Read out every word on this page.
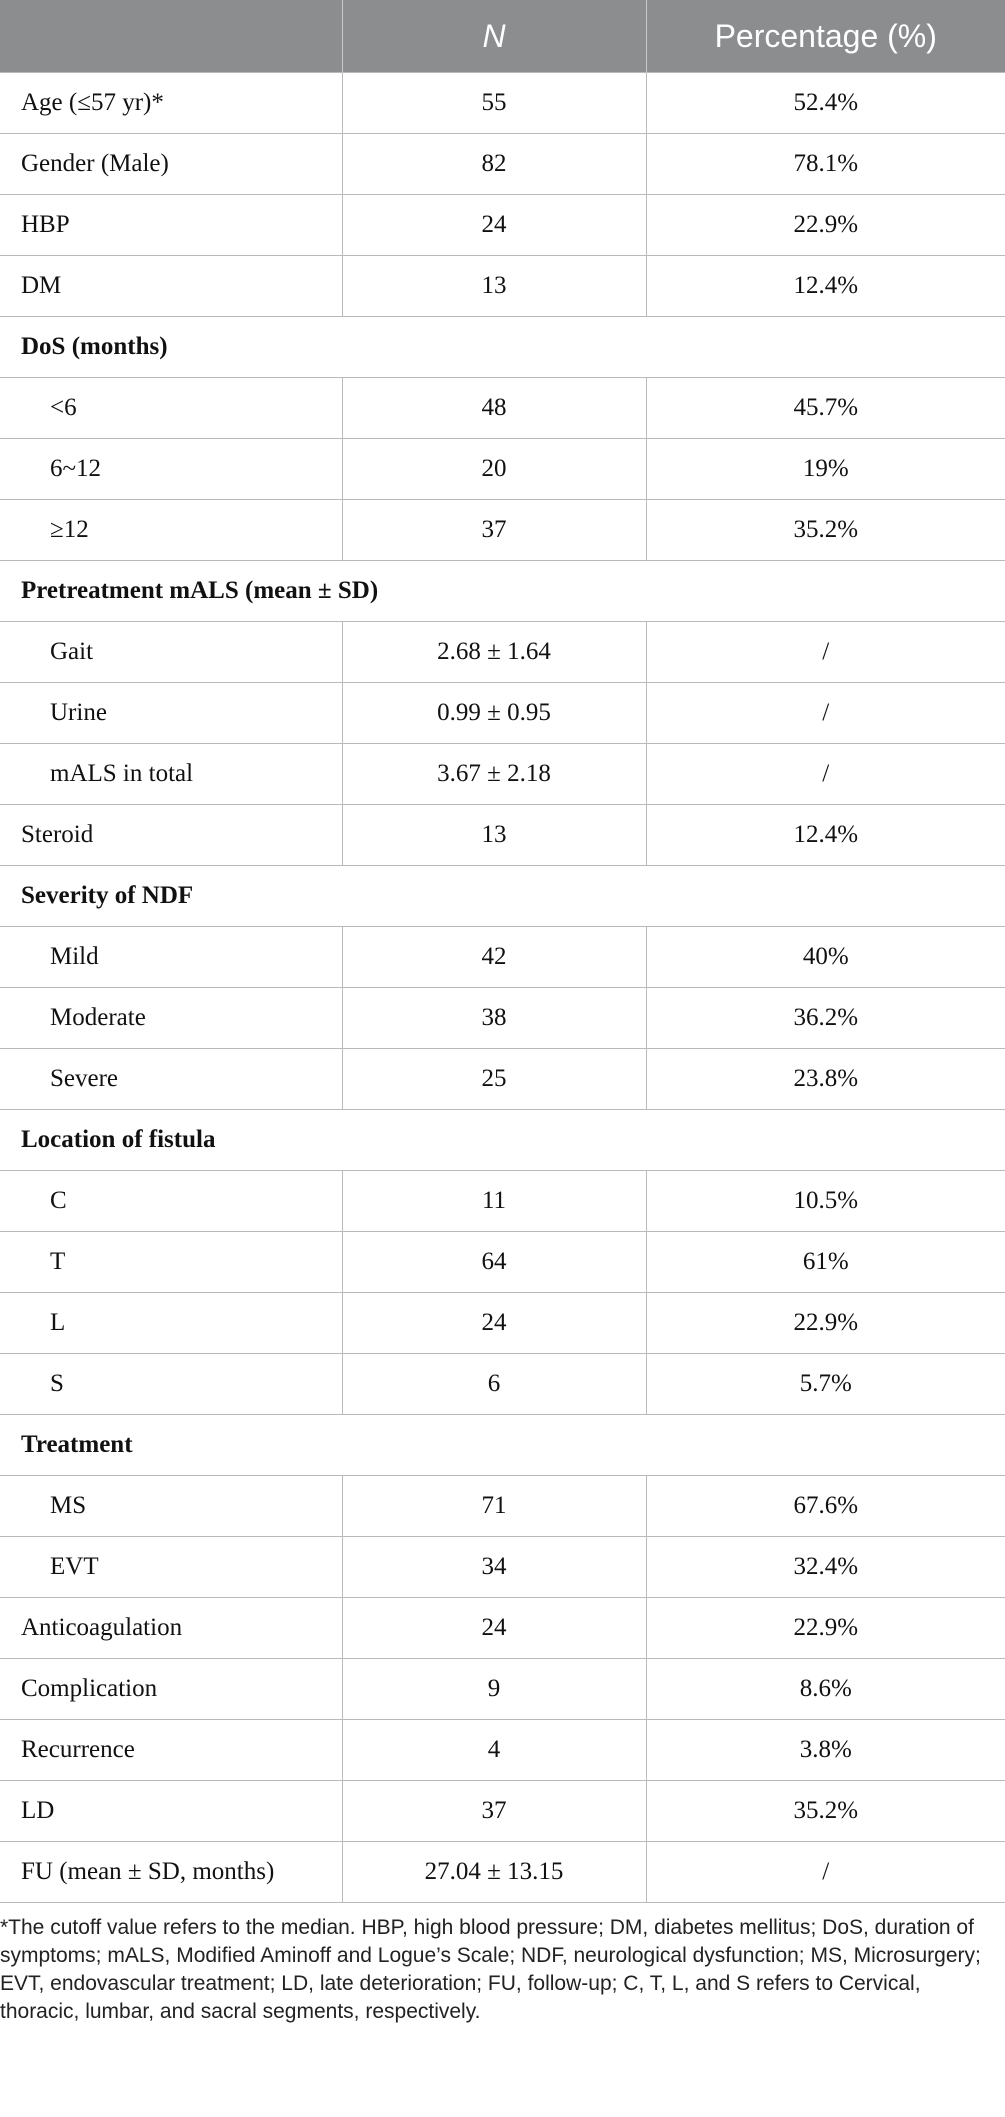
	N	Percentage (%)
Age (≤57 yr)*	55	52.4%
Gender (Male)	82	78.1%
HBP	24	22.9%
DM	13	12.4%
DoS (months)		
<6	48	45.7%
6~12	20	19%
≥12	37	35.2%
Pretreatment mALS (mean ± SD)		
Gait	2.68 ± 1.64	/
Urine	0.99 ± 0.95	/
mALS in total	3.67 ± 2.18	/
Steroid	13	12.4%
Severity of NDF		
Mild	42	40%
Moderate	38	36.2%
Severe	25	23.8%
Location of fistula		
C	11	10.5%
T	64	61%
L	24	22.9%
S	6	5.7%
Treatment		
MS	71	67.6%
EVT	34	32.4%
Anticoagulation	24	22.9%
Complication	9	8.6%
Recurrence	4	3.8%
LD	37	35.2%
FU (mean ± SD, months)	27.04 ± 13.15	/

*The cutoff value refers to the median. HBP, high blood pressure; DM, diabetes mellitus; DoS, duration of symptoms; mALS, Modified Aminoff and Logue’s Scale; NDF, neurological dysfunction; MS, Microsurgery; EVT, endovascular treatment; LD, late deterioration; FU, follow-up; C, T, L, and S refers to Cervical, thoracic, lumbar, and sacral segments, respectively.
